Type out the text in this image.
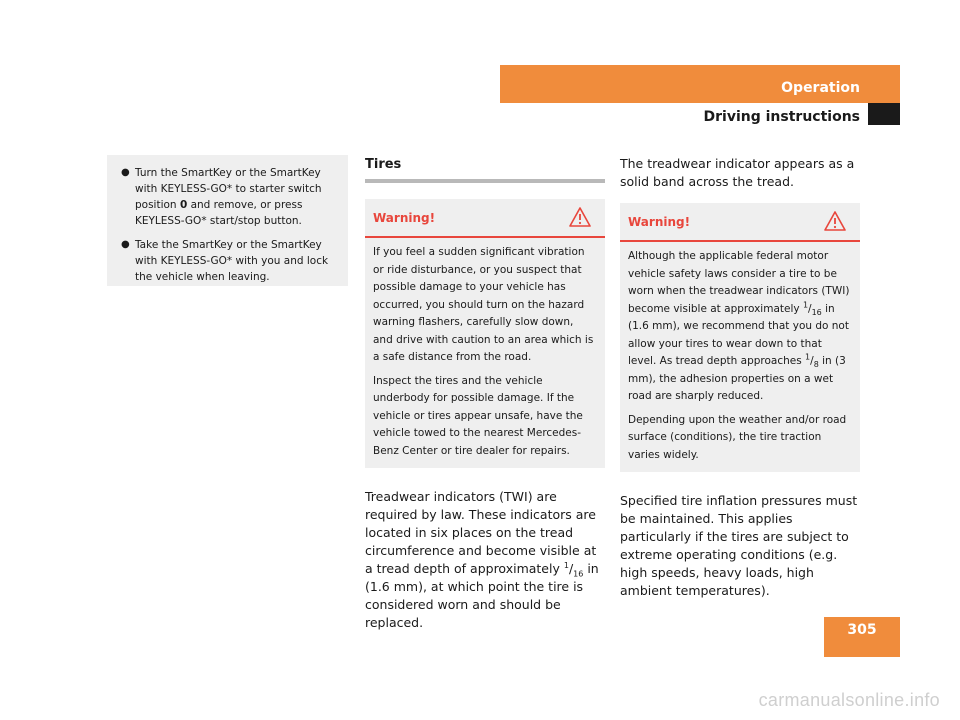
Operation
Driving instructions
● Turn the SmartKey or the SmartKey with KEYLESS-GO* to starter switch position 0 and remove, or press KEYLESS-GO* start/stop button.
● Take the SmartKey or the SmartKey with KEYLESS-GO* with you and lock the vehicle when leaving.
Tires
Warning!

If you feel a sudden significant vibration or ride disturbance, or you suspect that possible damage to your vehicle has occurred, you should turn on the hazard warning flashers, carefully slow down, and drive with caution to an area which is a safe distance from the road.

Inspect the tires and the vehicle underbody for possible damage. If the vehicle or tires appear unsafe, have the vehicle towed to the nearest Mercedes-Benz Center or tire dealer for repairs.

Treadwear indicators (TWI) are required by law. These indicators are located in six places on the tread circumference and become visible at a tread depth of approximately $^1/_{16}$ in (1.6 mm), at which point the tire is considered worn and should be replaced.

The treadwear indicator appears as a solid band across the tread.

Warning!

Although the applicable federal motor vehicle safety laws consider a tire to be worn when the treadwear indicators (TWI) become visible at approximately $^1/_{16}$ in (1.6 mm), we recommend that you do not allow your tires to wear down to that level. As tread depth approaches $^1/_8$ in (3 mm), the adhesion properties on a wet road are sharply reduced.

Depending upon the weather and/or road surface (conditions), the tire traction varies widely.

Specified tire inflation pressures must be maintained. This applies particularly if the tires are subject to extreme operating conditions (e.g. high speeds, heavy loads, high ambient temperatures).

305
carmanualsonline.info
